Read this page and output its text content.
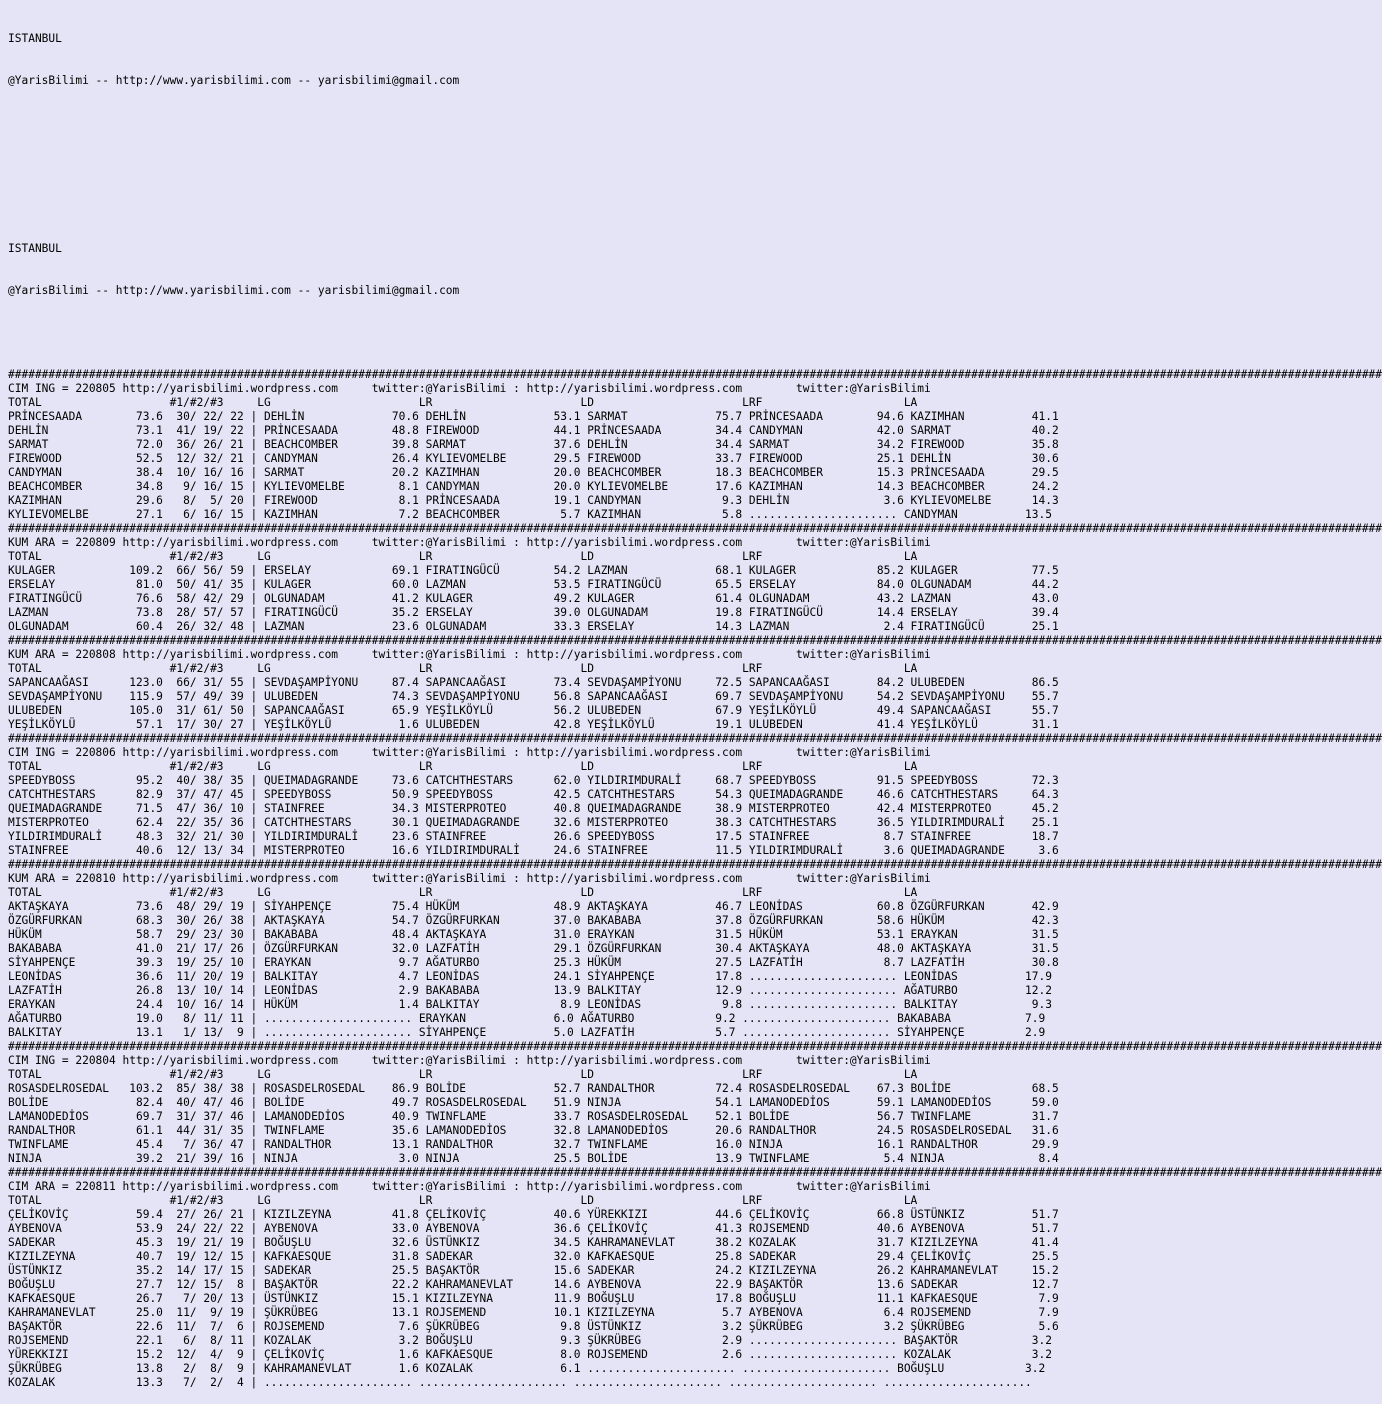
ISTANBUL

@YarisBilimi -- http://www.yarisbilimi.com -- yarisbilimi@gmail.com

ISTANBUL

@YarisBilimi -- http://www.yarisbilimi.com -- yarisbilimi@gmail.com

############################################################################################################################################################################################################
CIM ING = 220805 http://yarisbilimi.wordpress.com     twitter:@YarisBilimi : http://yarisbilimi.wordpress.com        twitter:@YarisBilimi
TOTAL                   #1/#2/#3     LG                      LR                      LD                      LRF                     LA
PRİNCESAADA        73.6  30/ 22/ 22 | DEHLİN             70.6 DEHLİN             53.1 SARMAT             75.7 PRİNCESAADA        94.6 KAZIMHAN          41.1
DEHLİN             73.1  41/ 19/ 22 | PRİNCESAADA        48.8 FIREWOOD           44.1 PRİNCESAADA        34.4 CANDYMAN           42.0 SARMAT            40.2
SARMAT             72.0  36/ 26/ 21 | BEACHCOMBER        39.8 SARMAT             37.6 DEHLİN             34.4 SARMAT             34.2 FIREWOOD          35.8
FIREWOOD           52.5  12/ 32/ 21 | CANDYMAN           26.4 KYLIEVOMELBE       29.5 FIREWOOD           33.7 FIREWOOD           25.1 DEHLİN            30.6
CANDYMAN           38.4  10/ 16/ 16 | SARMAT             20.2 KAZIMHAN           20.0 BEACHCOMBER        18.3 BEACHCOMBER        15.3 PRİNCESAADA       29.5
BEACHCOMBER        34.8   9/ 16/ 15 | KYLIEVOMELBE        8.1 CANDYMAN           20.0 KYLIEVOMELBE       17.6 KAZIMHAN           14.3 BEACHCOMBER       24.2
KAZIMHAN           29.6   8/  5/ 20 | FIREWOOD            8.1 PRİNCESAADA        19.1 CANDYMAN            9.3 DEHLİN              3.6 KYLIEVOMELBE      14.3
KYLIEVOMELBE       27.1   6/ 16/ 15 | KAZIMHAN            7.2 BEACHCOMBER         5.7 KAZIMHAN            5.8 ...................... CANDYMAN          13.5
############################################################################################################################################################################################################
KUM ARA = 220809 http://yarisbilimi.wordpress.com     twitter:@YarisBilimi : http://yarisbilimi.wordpress.com        twitter:@YarisBilimi
TOTAL                   #1/#2/#3     LG                      LR                      LD                      LRF                     LA
KULAGER           109.2  66/ 56/ 59 | ERSELAY            69.1 FIRATINGÜCÜ        54.2 LAZMAN             68.1 KULAGER            85.2 KULAGER           77.5
ERSELAY            81.0  50/ 41/ 35 | KULAGER            60.0 LAZMAN             53.5 FIRATINGÜCÜ        65.5 ERSELAY            84.0 OLGUNADAM         44.2
FIRATINGÜCÜ        76.6  58/ 42/ 29 | OLGUNADAM          41.2 KULAGER            49.2 KULAGER            61.4 OLGUNADAM          43.2 LAZMAN            43.0
LAZMAN             73.8  28/ 57/ 57 | FIRATINGÜCÜ        35.2 ERSELAY            39.0 OLGUNADAM          19.8 FIRATINGÜCÜ        14.4 ERSELAY           39.4
OLGUNADAM          60.4  26/ 32/ 48 | LAZMAN             23.6 OLGUNADAM          33.3 ERSELAY            14.3 LAZMAN              2.4 FIRATINGÜCÜ       25.1
############################################################################################################################################################################################################
KUM ARA = 220808 http://yarisbilimi.wordpress.com     twitter:@YarisBilimi : http://yarisbilimi.wordpress.com        twitter:@YarisBilimi
TOTAL                   #1/#2/#3     LG                      LR                      LD                      LRF                     LA
SAPANCAAĞASI      123.0  66/ 31/ 55 | SEVDAŞAMPİYONU     87.4 SAPANCAAĞASI       73.4 SEVDAŞAMPİYONU     72.5 SAPANCAAĞASI       84.2 ULUBEDEN          86.5
SEVDAŞAMPİYONU    115.9  57/ 49/ 39 | ULUBEDEN           74.3 SEVDAŞAMPİYONU     56.8 SAPANCAAĞASI       69.7 SEVDAŞAMPİYONU     54.2 SEVDAŞAMPİYONU    55.7
ULUBEDEN          105.0  31/ 61/ 50 | SAPANCAAĞASI       65.9 YEŞİLKÖYLÜ         56.2 ULUBEDEN           67.9 YEŞİLKÖYLÜ         49.4 SAPANCAAĞASI      55.7
YEŞİLKÖYLÜ         57.1  17/ 30/ 27 | YEŞİLKÖYLÜ          1.6 ULUBEDEN           42.8 YEŞİLKÖYLÜ         19.1 ULUBEDEN           41.4 YEŞİLKÖYLÜ        31.1
############################################################################################################################################################################################################
CIM ING = 220806 http://yarisbilimi.wordpress.com     twitter:@YarisBilimi : http://yarisbilimi.wordpress.com        twitter:@YarisBilimi
TOTAL                   #1/#2/#3     LG                      LR                      LD                      LRF                     LA
SPEEDYBOSS         95.2  40/ 38/ 35 | QUEIMADAGRANDE     73.6 CATCHTHESTARS      62.0 YILDIRIMDURALİ     68.7 SPEEDYBOSS         91.5 SPEEDYBOSS        72.3
CATCHTHESTARS      82.9  37/ 47/ 45 | SPEEDYBOSS         50.9 SPEEDYBOSS         42.5 CATCHTHESTARS      54.3 QUEIMADAGRANDE     46.6 CATCHTHESTARS     64.3
QUEIMADAGRANDE     71.5  47/ 36/ 10 | STAINFREE          34.3 MISTERPROTEO       40.8 QUEIMADAGRANDE     38.9 MISTERPROTEO       42.4 MISTERPROTEO      45.2
MISTERPROTEO       62.4  22/ 35/ 36 | CATCHTHESTARS      30.1 QUEIMADAGRANDE     32.6 MISTERPROTEO       38.3 CATCHTHESTARS      36.5 YILDIRIMDURALİ    25.1
YILDIRIMDURALİ     48.3  32/ 21/ 30 | YILDIRIMDURALİ     23.6 STAINFREE          26.6 SPEEDYBOSS         17.5 STAINFREE           8.7 STAINFREE         18.7
STAINFREE          40.6  12/ 13/ 34 | MISTERPROTEO       16.6 YILDIRIMDURALİ     24.6 STAINFREE          11.5 YILDIRIMDURALİ      3.6 QUEIMADAGRANDE     3.6
############################################################################################################################################################################################################
KUM ARA = 220810 http://yarisbilimi.wordpress.com     twitter:@YarisBilimi : http://yarisbilimi.wordpress.com        twitter:@YarisBilimi
TOTAL                   #1/#2/#3     LG                      LR                      LD                      LRF                     LA
AKTAŞKAYA          73.6  48/ 29/ 19 | SİYAHPENÇE         75.4 HÜKÜM              48.9 AKTAŞKAYA          46.7 LEONİDAS           60.8 ÖZGÜRFURKAN       42.9
ÖZGÜRFURKAN        68.3  30/ 26/ 38 | AKTAŞKAYA          54.7 ÖZGÜRFURKAN        37.0 BAKABABA           37.8 ÖZGÜRFURKAN        58.6 HÜKÜM             42.3
HÜKÜM              58.7  29/ 23/ 30 | BAKABABA           48.4 AKTAŞKAYA          31.0 ERAYKAN            31.5 HÜKÜM              53.1 ERAYKAN           31.5
BAKABABA           41.0  21/ 17/ 26 | ÖZGÜRFURKAN        32.0 LAZFATİH           29.1 ÖZGÜRFURKAN        30.4 AKTAŞKAYA          48.0 AKTAŞKAYA         31.5
SİYAHPENÇE         39.3  19/ 25/ 10 | ERAYKAN             9.7 AĞATURBO           25.3 HÜKÜM              27.5 LAZFATİH            8.7 LAZFATİH          30.8
LEONİDAS           36.6  11/ 20/ 19 | BALKITAY            4.7 LEONİDAS           24.1 SİYAHPENÇE         17.8 ...................... LEONİDAS          17.9
LAZFATİH           26.8  13/ 10/ 14 | LEONİDAS            2.9 BAKABABA           13.9 BALKITAY           12.9 ...................... AĞATURBO          12.2
ERAYKAN            24.4  10/ 16/ 14 | HÜKÜM               1.4 BALKITAY            8.9 LEONİDAS            9.8 ...................... BALKITAY           9.3
AĞATURBO           19.0   8/ 11/ 11 | ...................... ERAYKAN             6.0 AĞATURBO            9.2 ...................... BAKABABA           7.9
BALKITAY           13.1   1/ 13/  9 | ...................... SİYAHPENÇE          5.0 LAZFATİH            5.7 ...................... SİYAHPENÇE         2.9
############################################################################################################################################################################################################
CIM ING = 220804 http://yarisbilimi.wordpress.com     twitter:@YarisBilimi : http://yarisbilimi.wordpress.com        twitter:@YarisBilimi
TOTAL                   #1/#2/#3     LG                      LR                      LD                      LRF                     LA
ROSASDELROSEDAL   103.2  85/ 38/ 38 | ROSASDELROSEDAL    86.9 BOLİDE             52.7 RANDALTHOR         72.4 ROSASDELROSEDAL    67.3 BOLİDE            68.5
BOLİDE             82.4  40/ 47/ 46 | BOLİDE             49.7 ROSASDELROSEDAL    51.9 NINJA              54.1 LAMANODEDİOS       59.1 LAMANODEDİOS      59.0
LAMANODEDİOS       69.7  31/ 37/ 46 | LAMANODEDİOS       40.9 TWINFLAME          33.7 ROSASDELROSEDAL    52.1 BOLİDE             56.7 TWINFLAME         31.7
RANDALTHOR         61.1  44/ 31/ 35 | TWINFLAME          35.6 LAMANODEDİOS       32.8 LAMANODEDİOS       20.6 RANDALTHOR         24.5 ROSASDELROSEDAL   31.6
TWINFLAME          45.4   7/ 36/ 47 | RANDALTHOR         13.1 RANDALTHOR         32.7 TWINFLAME          16.0 NINJA              16.1 RANDALTHOR        29.9
NINJA              39.2  21/ 39/ 16 | NINJA               3.0 NINJA              25.5 BOLİDE             13.9 TWINFLAME           5.4 NINJA              8.4
############################################################################################################################################################################################################
CIM ARA = 220811 http://yarisbilimi.wordpress.com     twitter:@YarisBilimi : http://yarisbilimi.wordpress.com        twitter:@YarisBilimi
TOTAL                   #1/#2/#3     LG                      LR                      LD                      LRF                     LA
ÇELİKOVİÇ          59.4  27/ 26/ 21 | KIZILZEYNA         41.8 ÇELİKOVİÇ          40.6 YÜREKKIZI          44.6 ÇELİKOVİÇ          66.8 ÜSTÜNKIZ          51.7
AYBENOVA           53.9  24/ 22/ 22 | AYBENOVA           33.0 AYBENOVA           36.6 ÇELİKOVİÇ          41.3 ROJSEMEND          40.6 AYBENOVA          51.7
SADEKAR            45.3  19/ 21/ 19 | BOĞUŞLU            32.6 ÜSTÜNKIZ           34.5 KAHRAMANEVLAT      38.2 KOZALAK            31.7 KIZILZEYNA        41.4
KIZILZEYNA         40.7  19/ 12/ 15 | KAFKAESQUE         31.8 SADEKAR            32.0 KAFKAESQUE         25.8 SADEKAR            29.4 ÇELİKOVİÇ         25.5
ÜSTÜNKIZ           35.2  14/ 17/ 15 | SADEKAR            25.5 BAŞAKTÖR           15.6 SADEKAR            24.2 KIZILZEYNA         26.2 KAHRAMANEVLAT     15.2
BOĞUŞLU            27.7  12/ 15/  8 | BAŞAKTÖR           22.2 KAHRAMANEVLAT      14.6 AYBENOVA           22.9 BAŞAKTÖR           13.6 SADEKAR           12.7
KAFKAESQUE         26.7   7/ 20/ 13 | ÜSTÜNKIZ           15.1 KIZILZEYNA         11.9 BOĞUŞLU            17.8 BOĞUŞLU            11.1 KAFKAESQUE         7.9
KAHRAMANEVLAT      25.0  11/  9/ 19 | ŞÜKRÜBEG           13.1 ROJSEMEND          10.1 KIZILZEYNA          5.7 AYBENOVA            6.4 ROJSEMEND          7.9
BAŞAKTÖR           22.6  11/  7/  6 | ROJSEMEND           7.6 ŞÜKRÜBEG            9.8 ÜSTÜNKIZ            3.2 ŞÜKRÜBEG            3.2 ŞÜKRÜBEG           5.6
ROJSEMEND          22.1   6/  8/ 11 | KOZALAK             3.2 BOĞUŞLU             9.3 ŞÜKRÜBEG            2.9 ...................... BAŞAKTÖR           3.2
YÜREKKIZI          15.2  12/  4/  9 | ÇELİKOVİÇ           1.6 KAFKAESQUE          8.0 ROJSEMEND           2.6 ...................... KOZALAK            3.2
ŞÜKRÜBEG           13.8   2/  8/  9 | KAHRAMANEVLAT       1.6 KOZALAK             6.1 ...................... ...................... BOĞUŞLU            3.2
KOZALAK            13.3   7/  2/  4 | ...................... ...................... ...................... ...................... ......................
